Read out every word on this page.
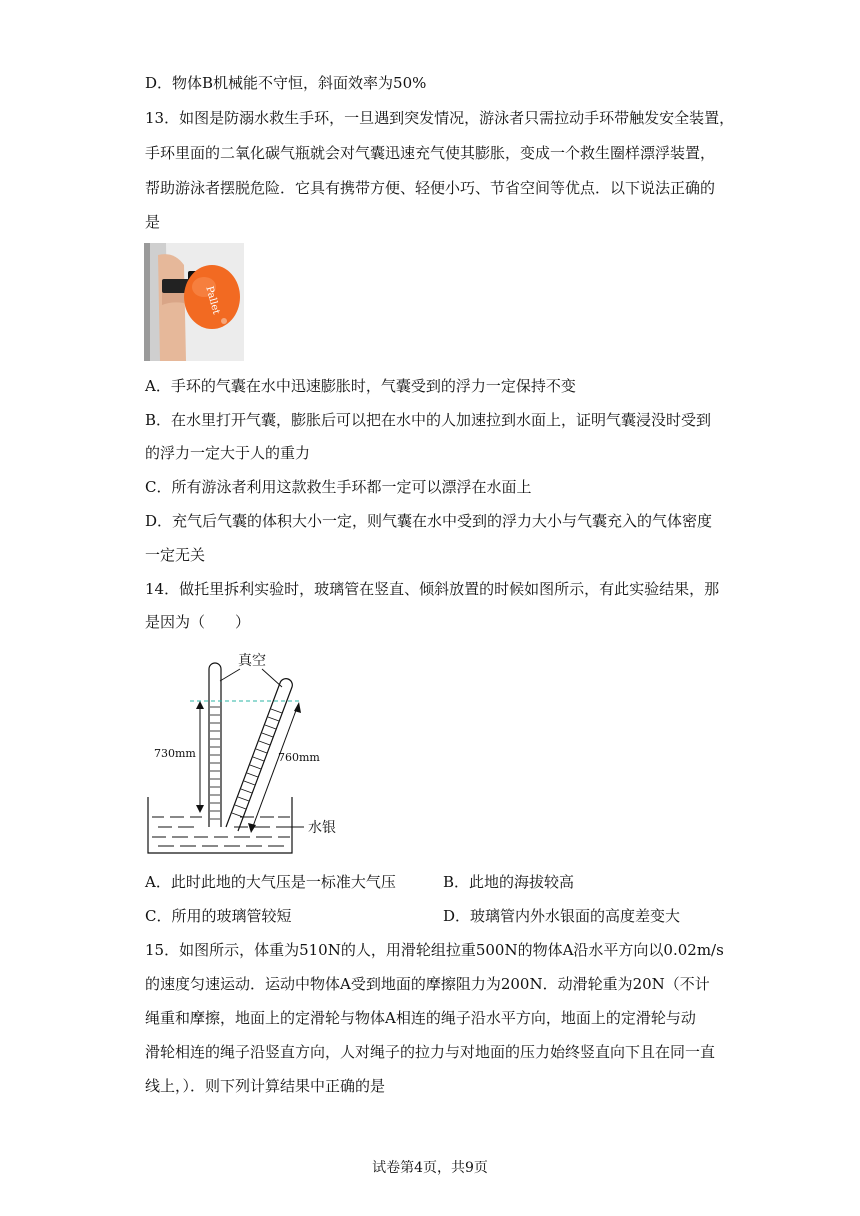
D．物体B机械能不守恒，斜面效率为50%
13．如图是防溺水救生手环，一旦遇到突发情况，游泳者只需拉动手环带触发安全装置，
手环里面的二氧化碳气瓶就会对气囊迅速充气使其膨胀，变成一个救生圈样漂浮装置，
帮助游泳者摆脱危险．它具有携带方便、轻便小巧、节省空间等优点．以下说法正确的
是
Pallet
A．手环的气囊在水中迅速膨胀时，气囊受到的浮力一定保持不变
B．在水里打开气囊，膨胀后可以把在水中的人加速拉到水面上，证明气囊浸没时受到
的浮力一定大于人的重力
C．所有游泳者利用这款救生手环都一定可以漂浮在水面上
D．充气后气囊的体积大小一定，则气囊在水中受到的浮力大小与气囊充入的气体密度
一定无关
14．做托里拆利实验时，玻璃管在竖直、倾斜放置的时候如图所示，有此实验结果，那
是因为（　　）
真空
730mm	760mm
水银
A．此时此地的大气压是一标准大气压	B．此地的海拔较高
C．所用的玻璃管较短	D．玻璃管内外水银面的高度差变大
15．如图所示，体重为510N的人，用滑轮组拉重500N的物体A沿水平方向以0.02m/s
的速度匀速运动．运动中物体A受到地面的摩擦阻力为200N．动滑轮重为20N（不计
绳重和摩擦，地面上的定滑轮与物体A相连的绳子沿水平方向，地面上的定滑轮与动
滑轮相连的绳子沿竖直方向，人对绳子的拉力与对地面的压力始终竖直向下且在同一直
线上，）．则下列计算结果中正确的是
试卷第4页，共9页
